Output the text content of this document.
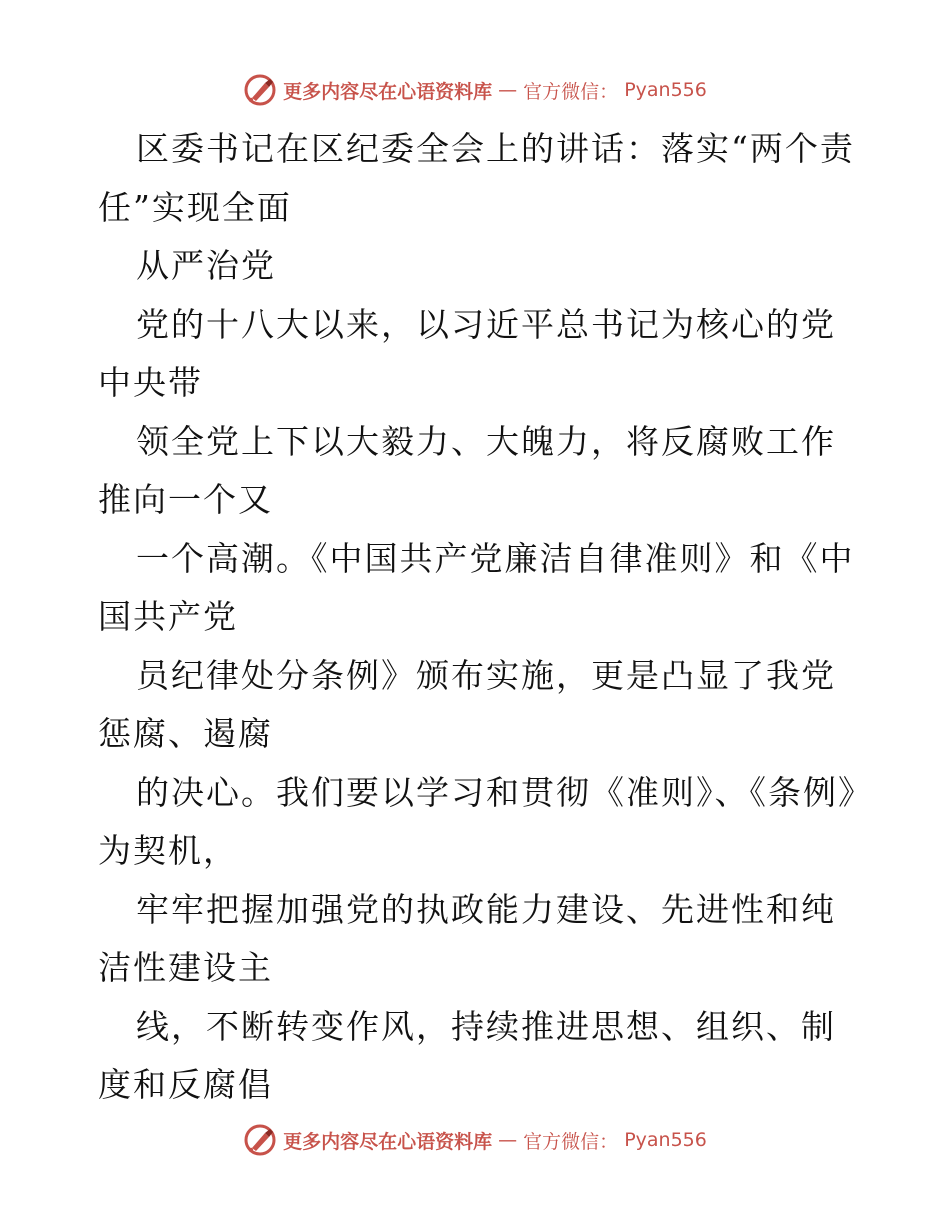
更多内容尽在心语资料库 — 官方微信： Pyan556

区委书记在区纪委全会上的讲话：落实“两个责任”实现全面

从严治党

党的十八大以来，以习近平总书记为核心的党中央带

领全党上下以大毅力、大魄力，将反腐败工作推向一个又

一个高潮。《中国共产党廉洁自律准则》和《中国共产党

员纪律处分条例》颁布实施，更是凸显了我党惩腐、遏腐

的决心。我们要以学习和贯彻《准则》、《条例》为契机，

牢牢把握加强党的执政能力建设、先进性和纯洁性建设主

线，不断转变作风，持续推进思想、组织、制度和反腐倡

更多内容尽在心语资料库 — 官方微信： Pyan556
